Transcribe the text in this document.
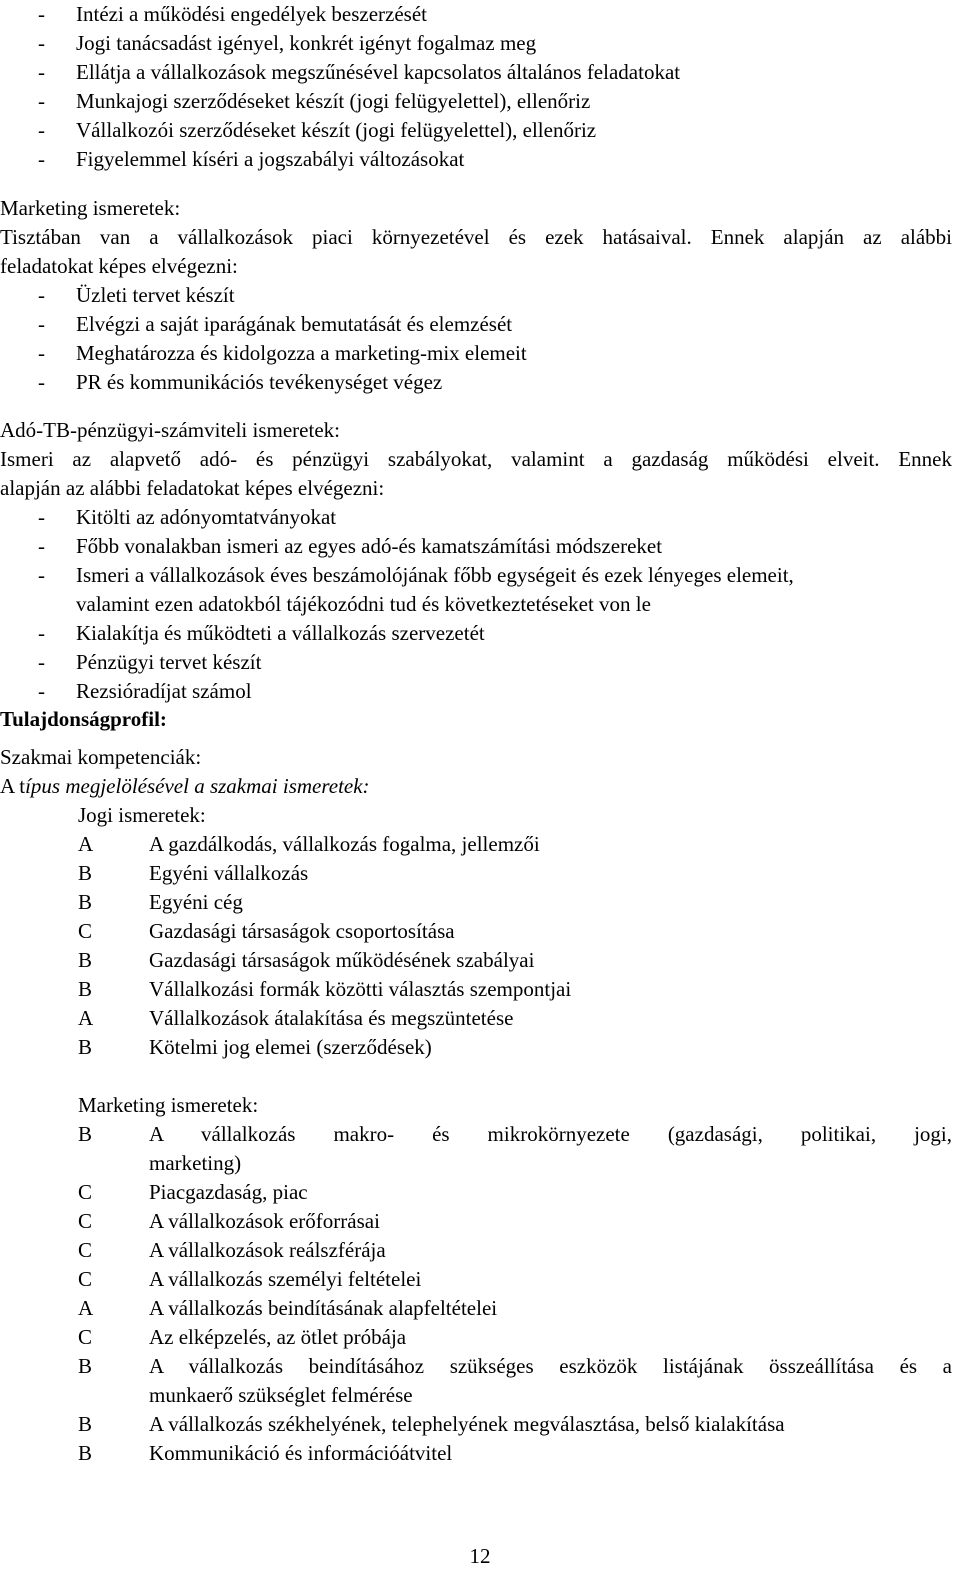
-	Intézi a működési engedélyek beszerzését
-	Jogi tanácsadást igényel, konkrét igényt fogalmaz meg
-	Ellátja a vállalkozások megszűnésével kapcsolatos általános feladatokat
-	Munkajogi szerződéseket készít (jogi felügyelettel), ellenőriz
-	Vállalkozói szerződéseket készít (jogi felügyelettel), ellenőriz
-	Figyelemmel kíséri a jogszabályi változásokat
Marketing ismeretek:
Tisztában van a vállalkozások piaci környezetével és ezek hatásaival. Ennek alapján az alábbi
feladatokat képes elvégezni:
-	Üzleti tervet készít
-	Elvégzi a saját iparágának bemutatását és elemzését
-	Meghatározza és kidolgozza a marketing-mix elemeit
-	PR és kommunikációs tevékenységet végez
Adó-TB-pénzügyi-számviteli ismeretek:
Ismeri az alapvető adó- és pénzügyi szabályokat, valamint a gazdaság működési elveit. Ennek
alapján az alábbi feladatokat képes elvégezni:
-	Kitölti az adónyomtatványokat
-	Főbb vonalakban ismeri az egyes adó-és kamatszámítási módszereket
-	Ismeri a vállalkozások éves beszámolójának főbb egységeit és ezek lényeges elemeit,
valamint ezen adatokból tájékozódni tud és következtetéseket von le
-	Kialakítja és működteti a vállalkozás szervezetét
-	Pénzügyi tervet készít
-	Rezsióradíjat számol
Tulajdonságprofil:
Szakmai kompetenciák:
A típus megjelölésével a szakmai ismeretek:
Jogi ismeretek:
A	A gazdálkodás, vállalkozás fogalma, jellemzői
B	Egyéni vállalkozás
B	Egyéni cég
C	Gazdasági társaságok csoportosítása
B	Gazdasági társaságok működésének szabályai
B	Vállalkozási formák közötti választás szempontjai
A	Vállalkozások átalakítása és megszüntetése
B	Kötelmi jog elemei (szerződések)
Marketing ismeretek:
B	A vállalkozás makro- és mikrokörnyezete (gazdasági, politikai, jogi,
marketing)
C	Piacgazdaság, piac
C	A vállalkozások erőforrásai
C	A vállalkozások reálszférája
C	A vállalkozás személyi feltételei
A	A vállalkozás beindításának alapfeltételei
C	Az elképzelés, az ötlet próbája
B	A vállalkozás beindításához szükséges eszközök listájának összeállítása és a
munkaerő szükséglet felmérése
B	A vállalkozás székhelyének, telephelyének megválasztása, belső kialakítása
B	Kommunikáció és információátvitel
12
